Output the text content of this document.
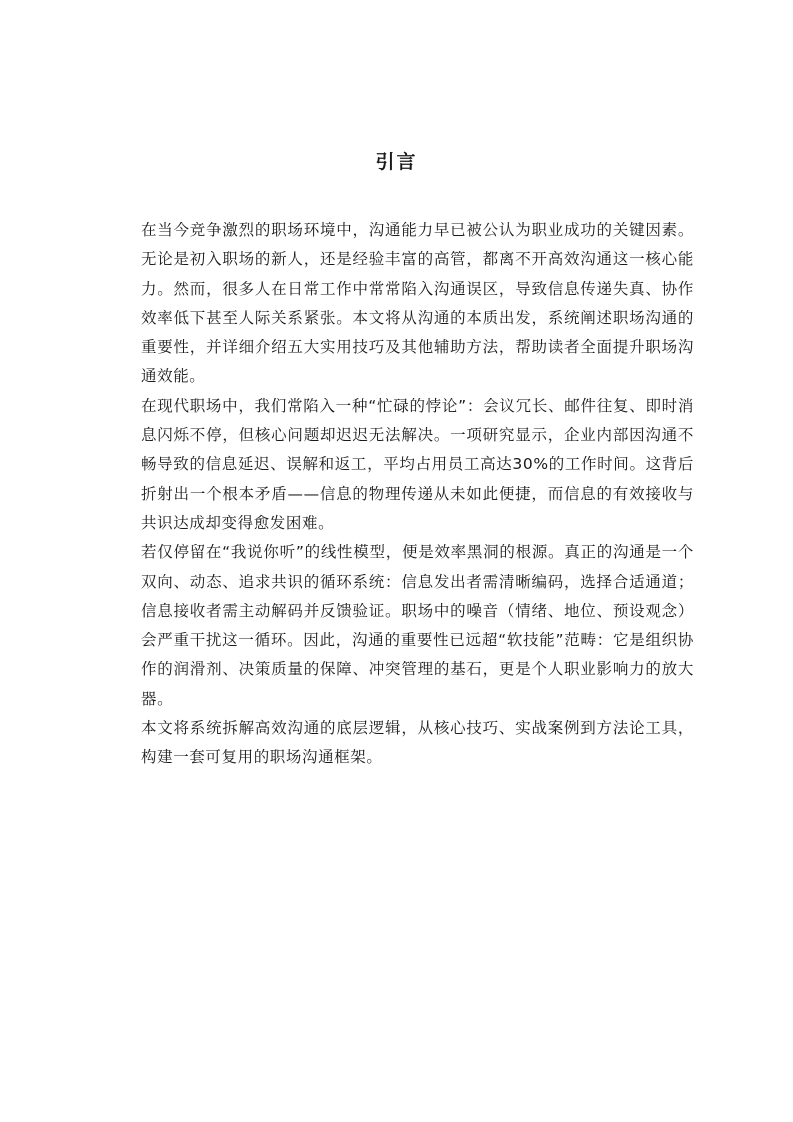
引言

在当今竞争激烈的职场环境中，沟通能力早已被公认为职业成功的关键因素。无论是初入职场的新人，还是经验丰富的高管，都离不开高效沟通这一核心能力。然而，很多人在日常工作中常常陷入沟通误区，导致信息传递失真、协作效率低下甚至人际关系紧张。本文将从沟通的本质出发，系统阐述职场沟通的重要性，并详细介绍五大实用技巧及其他辅助方法，帮助读者全面提升职场沟通效能。

在现代职场中，我们常陷入一种“忙碌的悖论”：会议冗长、邮件往复、即时消息闪烁不停，但核心问题却迟迟无法解决。一项研究显示，企业内部因沟通不畅导致的信息延迟、误解和返工，平均占用员工高达30%的工作时间。这背后折射出一个根本矛盾——信息的物理传递从未如此便捷，而信息的有效接收与共识达成却变得愈发困难。

若仅停留在“我说你听”的线性模型，便是效率黑洞的根源。真正的沟通是一个双向、动态、追求共识的循环系统：信息发出者需清晰编码，选择合适通道；信息接收者需主动解码并反馈验证。职场中的噪音（情绪、地位、预设观念）会严重干扰这一循环。因此，沟通的重要性已远超“软技能”范畴：它是组织协作的润滑剂、决策质量的保障、冲突管理的基石，更是个人职业影响力的放大器。

本文将系统拆解高效沟通的底层逻辑，从核心技巧、实战案例到方法论工具，构建一套可复用的职场沟通框架。
